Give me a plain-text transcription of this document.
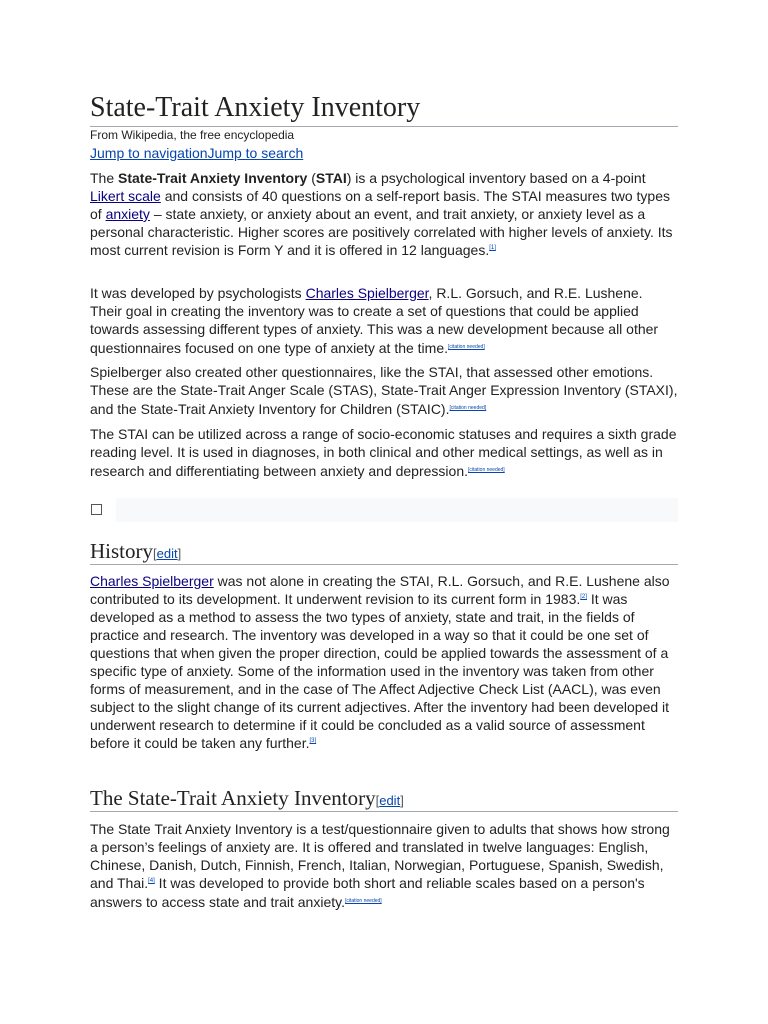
State-Trait Anxiety Inventory
From Wikipedia, the free encyclopedia
Jump to navigationJump to search

The State-Trait Anxiety Inventory (STAI) is a psychological inventory based on a 4-point Likert scale and consists of 40 questions on a self-report basis. The STAI measures two types of anxiety – state anxiety, or anxiety about an event, and trait anxiety, or anxiety level as a personal characteristic. Higher scores are positively correlated with higher levels of anxiety. Its most current revision is Form Y and it is offered in 12 languages.[1]

It was developed by psychologists Charles Spielberger, R.L. Gorsuch, and R.E. Lushene. Their goal in creating the inventory was to create a set of questions that could be applied towards assessing different types of anxiety. This was a new development because all other questionnaires focused on one type of anxiety at the time.[citation needed]

Spielberger also created other questionnaires, like the STAI, that assessed other emotions. These are the State-Trait Anger Scale (STAS), State-Trait Anger Expression Inventory (STAXI), and the State-Trait Anxiety Inventory for Children (STAIC).[citation needed]

The STAI can be utilized across a range of socio-economic statuses and requires a sixth grade reading level. It is used in diagnoses, in both clinical and other medical settings, as well as in research and differentiating between anxiety and depression.[citation needed]

History[edit]

Charles Spielberger was not alone in creating the STAI, R.L. Gorsuch, and R.E. Lushene also contributed to its development. It underwent revision to its current form in 1983.[2] It was developed as a method to assess the two types of anxiety, state and trait, in the fields of practice and research. The inventory was developed in a way so that it could be one set of questions that when given the proper direction, could be applied towards the assessment of a specific type of anxiety. Some of the information used in the inventory was taken from other forms of measurement, and in the case of The Affect Adjective Check List (AACL), was even subject to the slight change of its current adjectives. After the inventory had been developed it underwent research to determine if it could be concluded as a valid source of assessment before it could be taken any further.[3]

The State-Trait Anxiety Inventory[edit]

The State Trait Anxiety Inventory is a test/questionnaire given to adults that shows how strong a person’s feelings of anxiety are. It is offered and translated in twelve languages: English, Chinese, Danish, Dutch, Finnish, French, Italian, Norwegian, Portuguese, Spanish, Swedish, and Thai.[4] It was developed to provide both short and reliable scales based on a person's answers to access state and trait anxiety.[citation needed]
